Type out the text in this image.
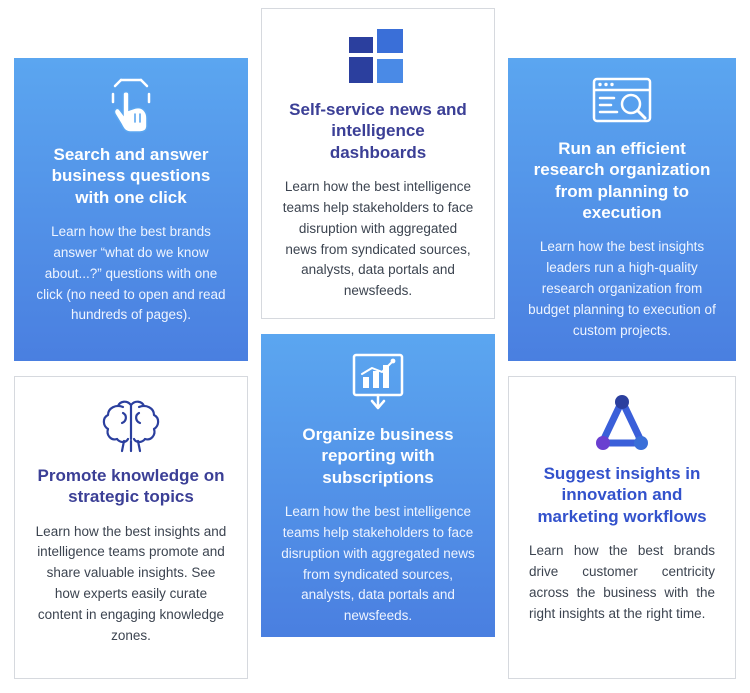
Search and answer business questions with one click

Learn how the best brands answer “what do we know about...?” questions with one click (no need to open and read hundreds of pages).

Self-service news and intelligence dashboards

Learn how the best intelligence teams help stakeholders to face disruption with aggregated news from syndicated sources, analysts, data portals and newsfeeds.

Run an efficient research organization from planning to execution

Learn how the best insights leaders run a high-quality research organization from budget planning to execution of custom projects.

Promote knowledge on strategic topics

Learn how the best insights and intelligence teams promote and share valuable insights. See how experts easily curate content in engaging knowledge zones.

Organize business reporting with subscriptions

Learn how the best intelligence teams help stakeholders to face disruption with aggregated news from syndicated sources, analysts, data portals and newsfeeds.

Suggest insights in innovation and marketing workflows

Learn how the best brands drive customer centricity across the business with the right insights at the right time.
